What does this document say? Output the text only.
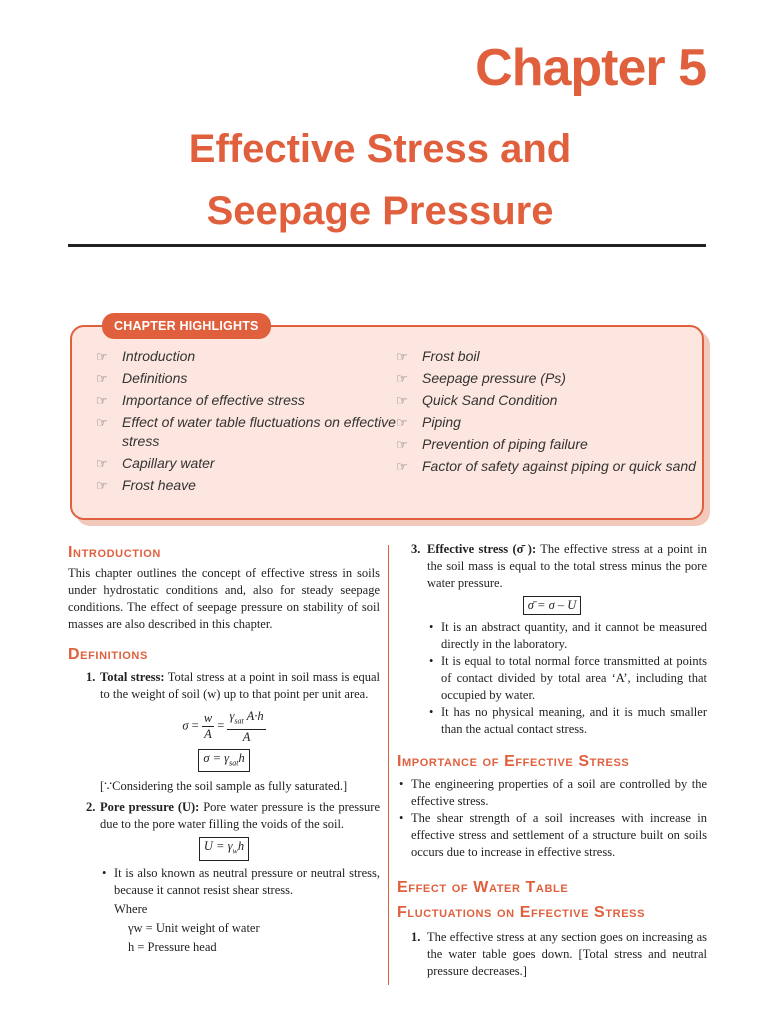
Chapter 5
Effective Stress and
Seepage Pressure
CHAPTER HIGHLIGHTS
☞ Introduction
☞ Definitions
☞ Importance of effective stress
☞ Effect of water table fluctuations on effective stress
☞ Capillary water
☞ Frost heave
☞ Frost boil
☞ Seepage pressure (Ps)
☞ Quick Sand Condition
☞ Piping
☞ Prevention of piping failure
☞ Factor of safety against piping or quick sand
Introduction

This chapter outlines the concept of effective stress in soils under hydrostatic conditions and, also for steady seepage conditions. The effect of seepage pressure on stability of soil masses are also described in this chapter.

Definitions
1. Total stress: Total stress at a point in soil mass is equal to the weight of soil (w) up to that point per unit area.
$\sigma = \frac{w}{A} = \frac{\gamma_{sat} A\cdot h}{A}$
$\sigma = \gamma_{sat}h$
[∵Considering the soil sample as fully saturated.]
2. Pore pressure (U): Pore water pressure is the pressure due to the pore water filling the voids of the soil.
$U = \gamma_wh$
• It is also known as neutral pressure or neutral stress, because it cannot resist shear stress.
Where
γw = Unit weight of water
h = Pressure head
3. Effective stress (σ̄ ): The effective stress at a point in the soil mass is equal to the total stress minus the pore water pressure.
σ̄ = σ – U
• It is an abstract quantity, and it cannot be measured directly in the laboratory.
• It is equal to total normal force transmitted at points of contact divided by total area ‘A’, including that occupied by water.
• It has no physical meaning, and it is much smaller than the actual contact stress.
Importance of Effective Stress
• The engineering properties of a soil are controlled by the effective stress.
• The shear strength of a soil increases with increase in effective stress and settlement of a structure built on soils occurs due to increase in effective stress.
Effect of Water Table
Fluctuations on Effective Stress
1. The effective stress at any section goes on increasing as the water table goes down. [Total stress and neutral pressure decreases.]
